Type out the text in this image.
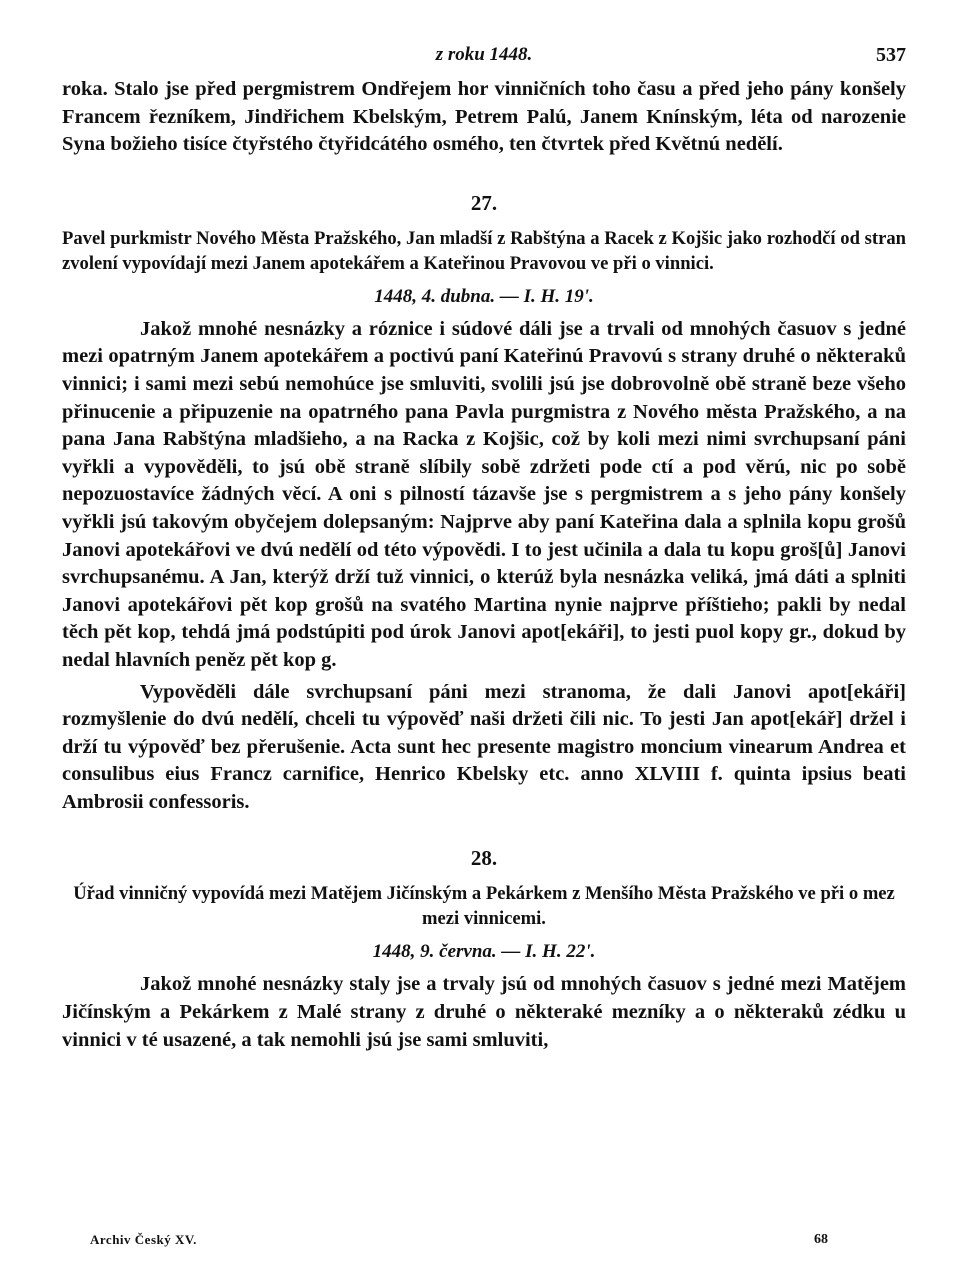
z roku 1448.	537

roka. Stalo jse před pergmistrem Ondřejem hor vinničních toho času a před jeho pány konšely Francem řezníkem, Jindřichem Kbelským, Petrem Palú, Janem Knínským, léta od narozenie Syna božieho tisíce čtyřstého čtyřidcátého osmého, ten čtvrtek před Květnú nedělí.

27.

Pavel purkmistr Nového Města Pražského, Jan mladší z Rabštýna a Racek z Kojšic jako rozhodčí od stran zvolení vypovídají mezi Janem apotekářem a Kateřinou Pravovou ve při o vinnici.

1448, 4. dubna. — I. H. 19'.

Jakož mnohé nesnázky a róznice i súdové dáli jse a trvali od mnohých časuov s jedné mezi opatrným Janem apotekářem a poctivú paní Kateřinú Pravovú s strany druhé o některaků vinnici; i sami mezi sebú nemohúce jse smluviti, svolili jsú jse dobrovolně obě straně beze všeho přinucenie a připuzenie na opatrného pana Pavla purgmistra z Nového města Pražského, a na pana Jana Rabštýna mladšieho, a na Racka z Kojšic, což by koli mezi nimi svrchupsaní páni vyřkli a vypověděli, to jsú obě straně slíbily sobě zdržeti pode ctí a pod věrú, nic po sobě nepozuostavíce žádných věcí. A oni s pilností tázavše jse s pergmistrem a s jeho pány konšely vyřkli jsú takovým obyčejem dolepsaným: Najprve aby paní Kateřina dala a splnila kopu grošů Janovi apotekářovi ve dvú nedělí od této výpovědi. I to jest učinila a dala tu kopu groš[ů] Janovi svrchupsanému. A Jan, kterýž drží tuž vinnici, o kterúž byla nesnázka veliká, jmá dáti a splniti Janovi apotekářovi pět kop grošů na svatého Martina nynie najprve příštieho; pakli by nedal těch pět kop, tehdá jmá podstúpiti pod úrok Janovi apot[ekáři], to jesti puol kopy gr., dokud by nedal hlavních peněz pět kop g.

Vypověděli dále svrchupsaní páni mezi stranoma, že dali Janovi apot[ekáři] rozmyšlenie do dvú nedělí, chceli tu výpověď naši držeti čili nic. To jesti Jan apot[ekář] držel i drží tu výpověď bez přerušenie. Acta sunt hec presente magistro moncium vinearum Andrea et consulibus eius Francz carnifice, Henrico Kbelsky etc. anno XLVIII f. quinta ipsius beati Ambrosii confessoris.

28.

Úřad vinničný vypovídá mezi Matějem Jičínským a Pekárkem z Menšího Města Pražského ve při o mez mezi vinnicemi.

1448, 9. června. — I. H. 22'.

Jakož mnohé nesnázky staly jse a trvaly jsú od mnohých časuov s jedné mezi Matějem Jičínským a Pekárkem z Malé strany z druhé o některaké mezníky a o některaků zédku u vinnici v té usazené, a tak nemohli jsú jse sami smluviti,

Archiv Český XV.	68
